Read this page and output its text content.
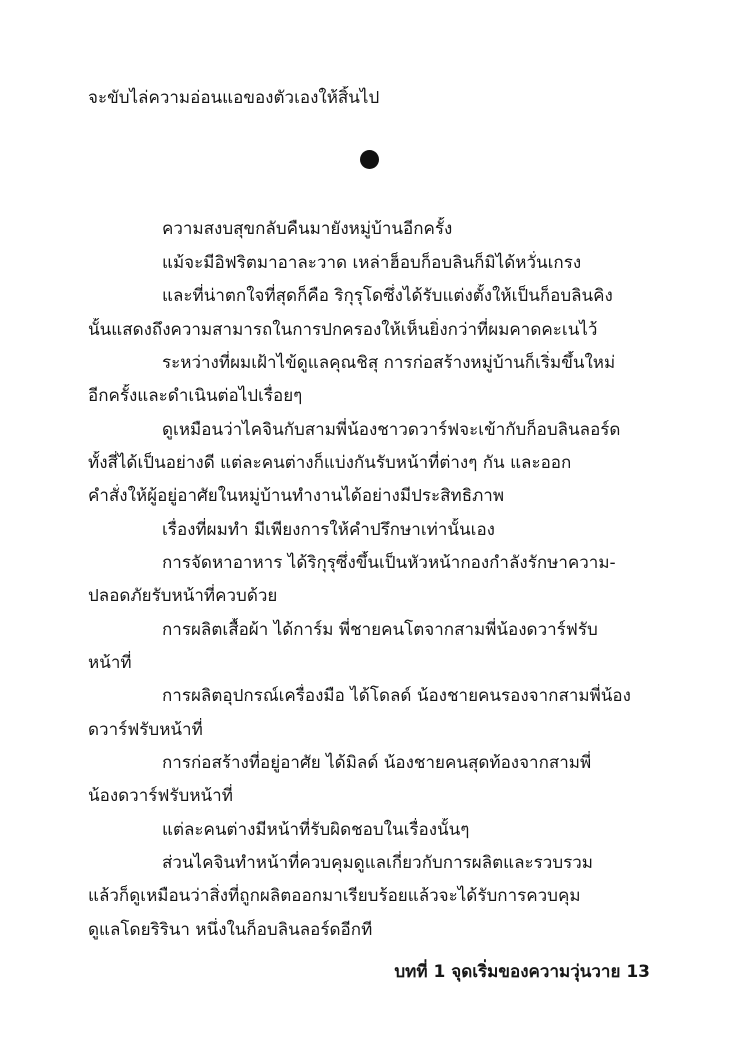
จะขับไล่ความอ่อนแอของตัวเองให้สิ้นไป
ความสงบสุขกลับคืนมายังหมู่บ้านอีกครั้ง
แม้จะมีอิฟริตมาอาละวาด เหล่าฮ็อบก็อบลินก็มิได้หวั่นเกรง
และที่น่าตกใจที่สุดก็คือ ริกุรุโดซึ่งได้รับแต่งตั้งให้เป็นก็อบลินคิง
นั้นแสดงถึงความสามารถในการปกครองให้เห็นยิ่งกว่าที่ผมคาดคะเนไว้
ระหว่างที่ผมเฝ้าไข้ดูแลคุณชิสุ การก่อสร้างหมู่บ้านก็เริ่มขึ้นใหม่
อีกครั้งและดำเนินต่อไปเรื่อยๆ
ดูเหมือนว่าไคจินกับสามพี่น้องชาวดวาร์ฟจะเข้ากับก็อบลินลอร์ด
ทั้งสี่ได้เป็นอย่างดี แต่ละคนต่างก็แบ่งกันรับหน้าที่ต่างๆ กัน และออก
คำสั่งให้ผู้อยู่อาศัยในหมู่บ้านทำงานได้อย่างมีประสิทธิภาพ
เรื่องที่ผมทำ มีเพียงการให้คำปรึกษาเท่านั้นเอง
การจัดหาอาหาร ได้ริกุรุซึ่งขึ้นเป็นหัวหน้ากองกำลังรักษาความ-
ปลอดภัยรับหน้าที่ควบด้วย
การผลิตเสื้อผ้า ได้การ์ม พี่ชายคนโตจากสามพี่น้องดวาร์ฟรับ
หน้าที่
การผลิตอุปกรณ์เครื่องมือ ได้โดลด์ น้องชายคนรองจากสามพี่น้อง
ดวาร์ฟรับหน้าที่
การก่อสร้างที่อยู่อาศัย ได้มิลด์ น้องชายคนสุดท้องจากสามพี่
น้องดวาร์ฟรับหน้าที่
แต่ละคนต่างมีหน้าที่รับผิดชอบในเรื่องนั้นๆ
ส่วนไคจินทำหน้าที่ควบคุมดูแลเกี่ยวกับการผลิตและรวบรวม
แล้วก็ดูเหมือนว่าสิ่งที่ถูกผลิตออกมาเรียบร้อยแล้วจะได้รับการควบคุม
ดูแลโดยริรินา หนึ่งในก็อบลินลอร์ดอีกที
บทที่ 1 จุดเริ่มของความวุ่นวาย 13
